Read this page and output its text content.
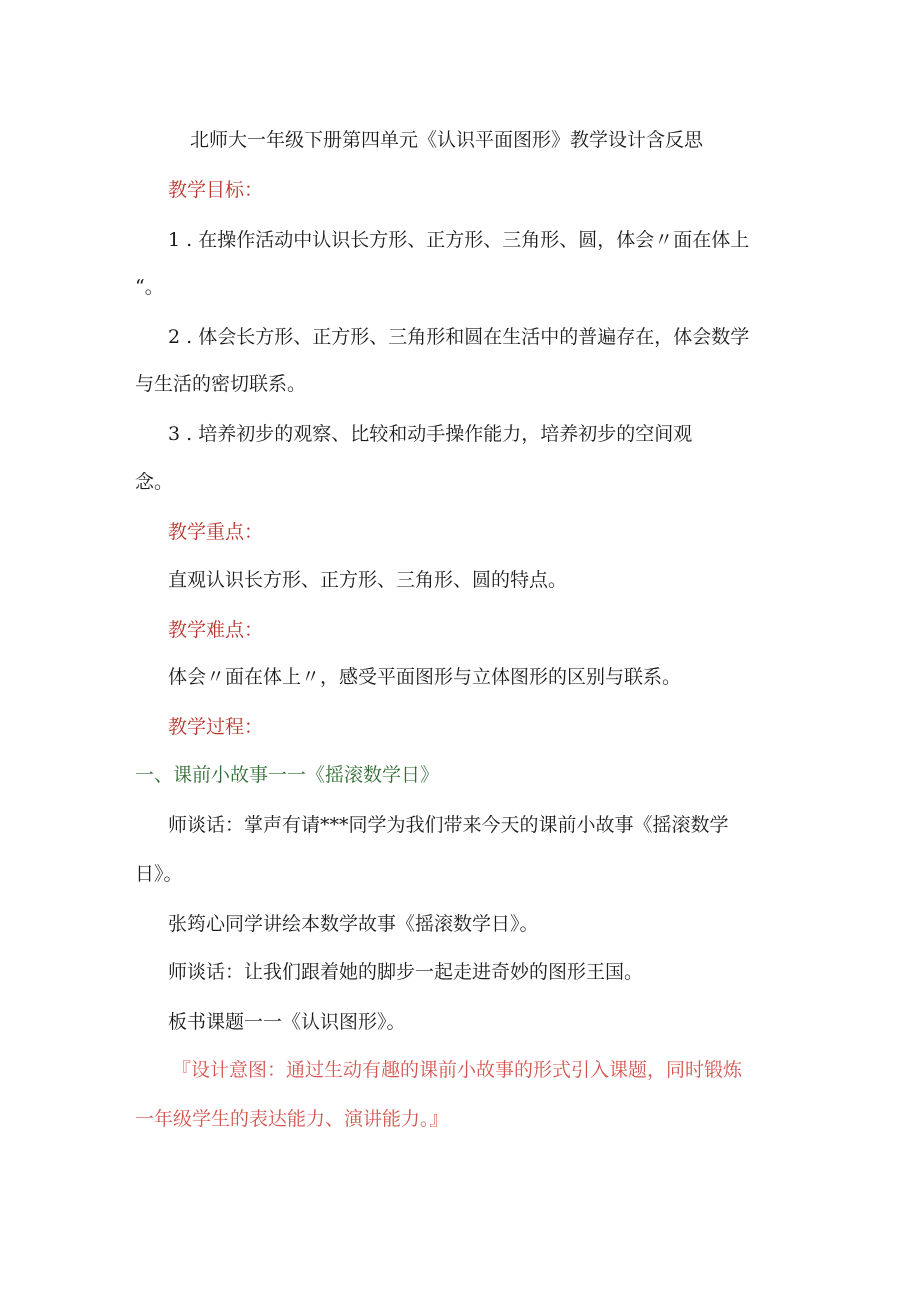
北师大一年级下册第四单元《认识平面图形》教学设计含反思
教学目标：
1 . 在操作活动中认识长方形、正方形、三角形、圆，体会〃面在体上
“。
2 . 体会长方形、正方形、三角形和圆在生活中的普遍存在，体会数学
与生活的密切联系。
3 . 培养初步的观察、比较和动手操作能力，培养初步的空间观
念。
教学重点：
直观认识长方形、正方形、三角形、圆的特点。
教学难点：
体会〃面在体上〃，感受平面图形与立体图形的区别与联系。
教学过程：
一、课前小故事一一《摇滚数学日》
师谈话：掌声有请***同学为我们带来今天的课前小故事《摇滚数学
日》。
张筠心同学讲绘本数学故事《摇滚数学日》。
师谈话：让我们跟着她的脚步一起走进奇妙的图形王国。
板书课题一一《认识图形》。
『设计意图：通过生动有趣的课前小故事的形式引入课题，同时锻炼
一年级学生的表达能力、演讲能力。』
